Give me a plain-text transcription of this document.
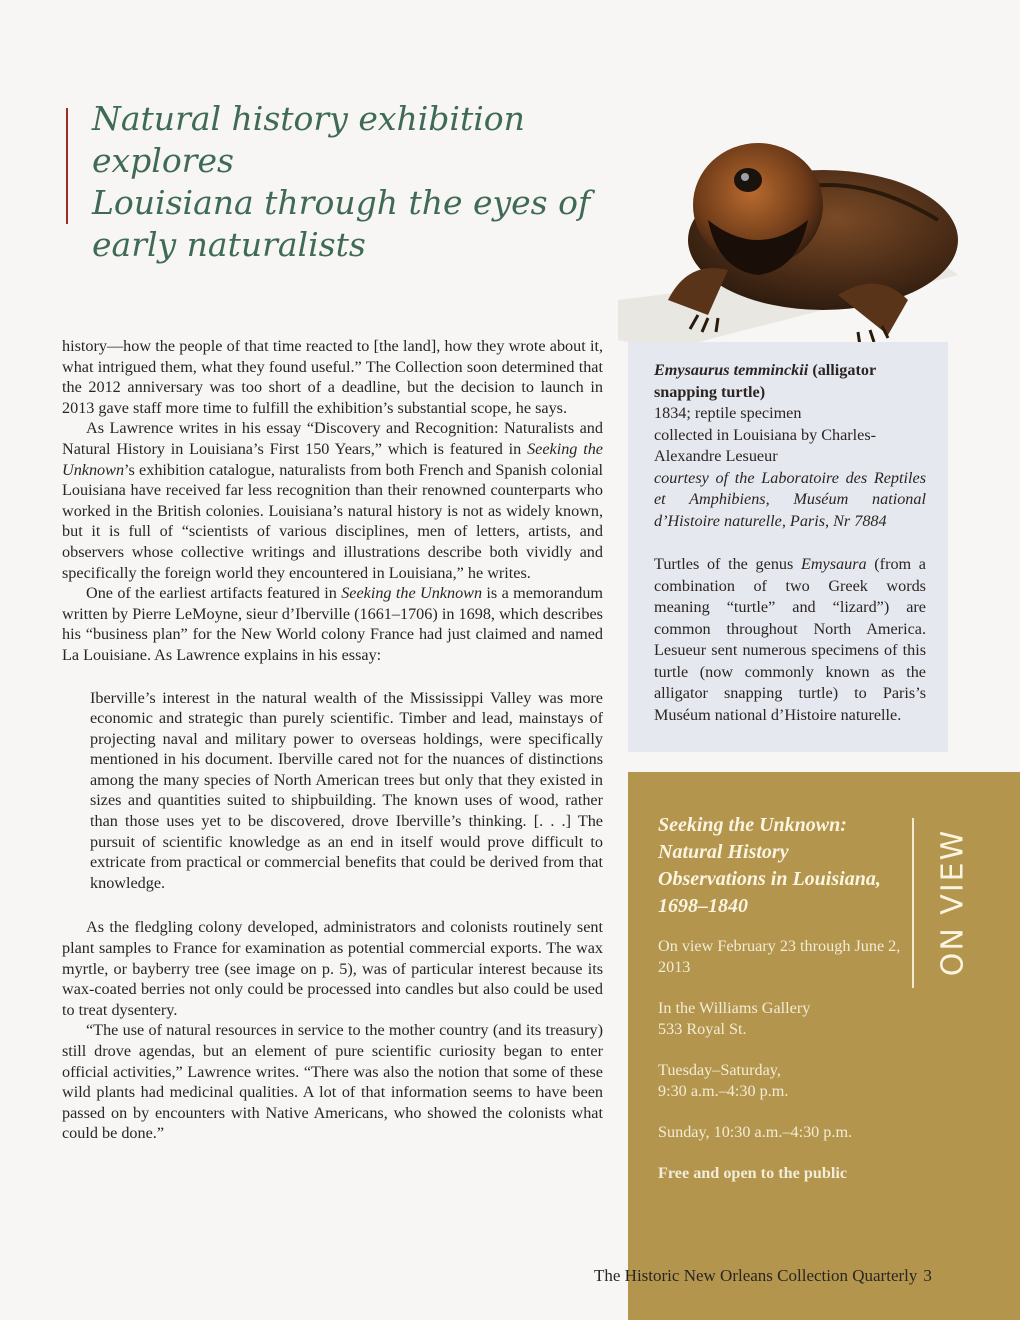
Natural history exhibition explores
Louisiana through the eyes of
early naturalists

history—how the people of that time reacted to [the land], how they wrote about it, what intrigued them, what they found useful.” The Collection soon determined that the 2012 anniversary was too short of a deadline, but the decision to launch in 2013 gave staff more time to fulfill the exhibition’s substantial scope, he says.

As Lawrence writes in his essay “Discovery and Recognition: Naturalists and Natural History in Louisiana’s First 150 Years,” which is featured in Seeking the Unknown’s exhibition catalogue, naturalists from both French and Spanish colonial Louisiana have received far less recognition than their renowned counterparts who worked in the British colonies. Louisiana’s natural history is not as widely known, but it is full of “scientists of various disciplines, men of letters, artists, and observers whose collective writings and illustrations describe both vividly and specifically the foreign world they encountered in Louisiana,” he writes.

One of the earliest artifacts featured in Seeking the Unknown is a memorandum written by Pierre LeMoyne, sieur d’Iberville (1661–1706) in 1698, which describes his “business plan” for the New World colony France had just claimed and named La Louisiane. As Lawrence explains in his essay:

Iberville’s interest in the natural wealth of the Mississippi Valley was more economic and strategic than purely scientific. Timber and lead, mainstays of projecting naval and military power to overseas holdings, were specifically mentioned in his document. Iberville cared not for the nuances of distinctions among the many species of North American trees but only that they existed in sizes and quantities suited to shipbuilding. The known uses of wood, rather than those uses yet to be discovered, drove Iberville’s thinking. [. . .] The pursuit of scientific knowledge as an end in itself would prove difficult to extricate from practical or commercial benefits that could be derived from that knowledge.

As the fledgling colony developed, administrators and colonists routinely sent plant samples to France for examination as potential commercial exports. The wax myrtle, or bayberry tree (see image on p. 5), was of particular interest because its wax-coated berries not only could be processed into candles but also could be used to treat dysentery.

“The use of natural resources in service to the mother country (and its treasury) still drove agendas, but an element of pure scientific curiosity began to enter official activities,” Lawrence writes. “There was also the notion that some of these wild plants had medicinal qualities. A lot of that information seems to have been passed on by encounters with Native Americans, who showed the colonists what could be done.”

Emysaurus temminckii (alligator snapping turtle)

1834; reptile specimen

collected in Louisiana by Charles-Alexandre Lesueur

courtesy of the Laboratoire des Reptiles et Amphibiens, Muséum national d’Histoire naturelle, Paris, Nr 7884

Turtles of the genus Emysaura (from a combination of two Greek words meaning “turtle” and “lizard”) are common throughout North America. Lesueur sent numerous specimens of this turtle (now commonly known as the alligator snapping turtle) to Paris’s Muséum national d’Histoire naturelle.

Seeking the Unknown:
Natural History
Observations in Louisiana,
1698–1840	ON VIEW

On view February 23 through June 2, 2013

In the Williams Gallery
533 Royal St.

Tuesday–Saturday,
9:30 a.m.–4:30 p.m.

Sunday, 10:30 a.m.–4:30 p.m.

Free and open to the public

The Historic New Orleans Collection Quarterly 3
